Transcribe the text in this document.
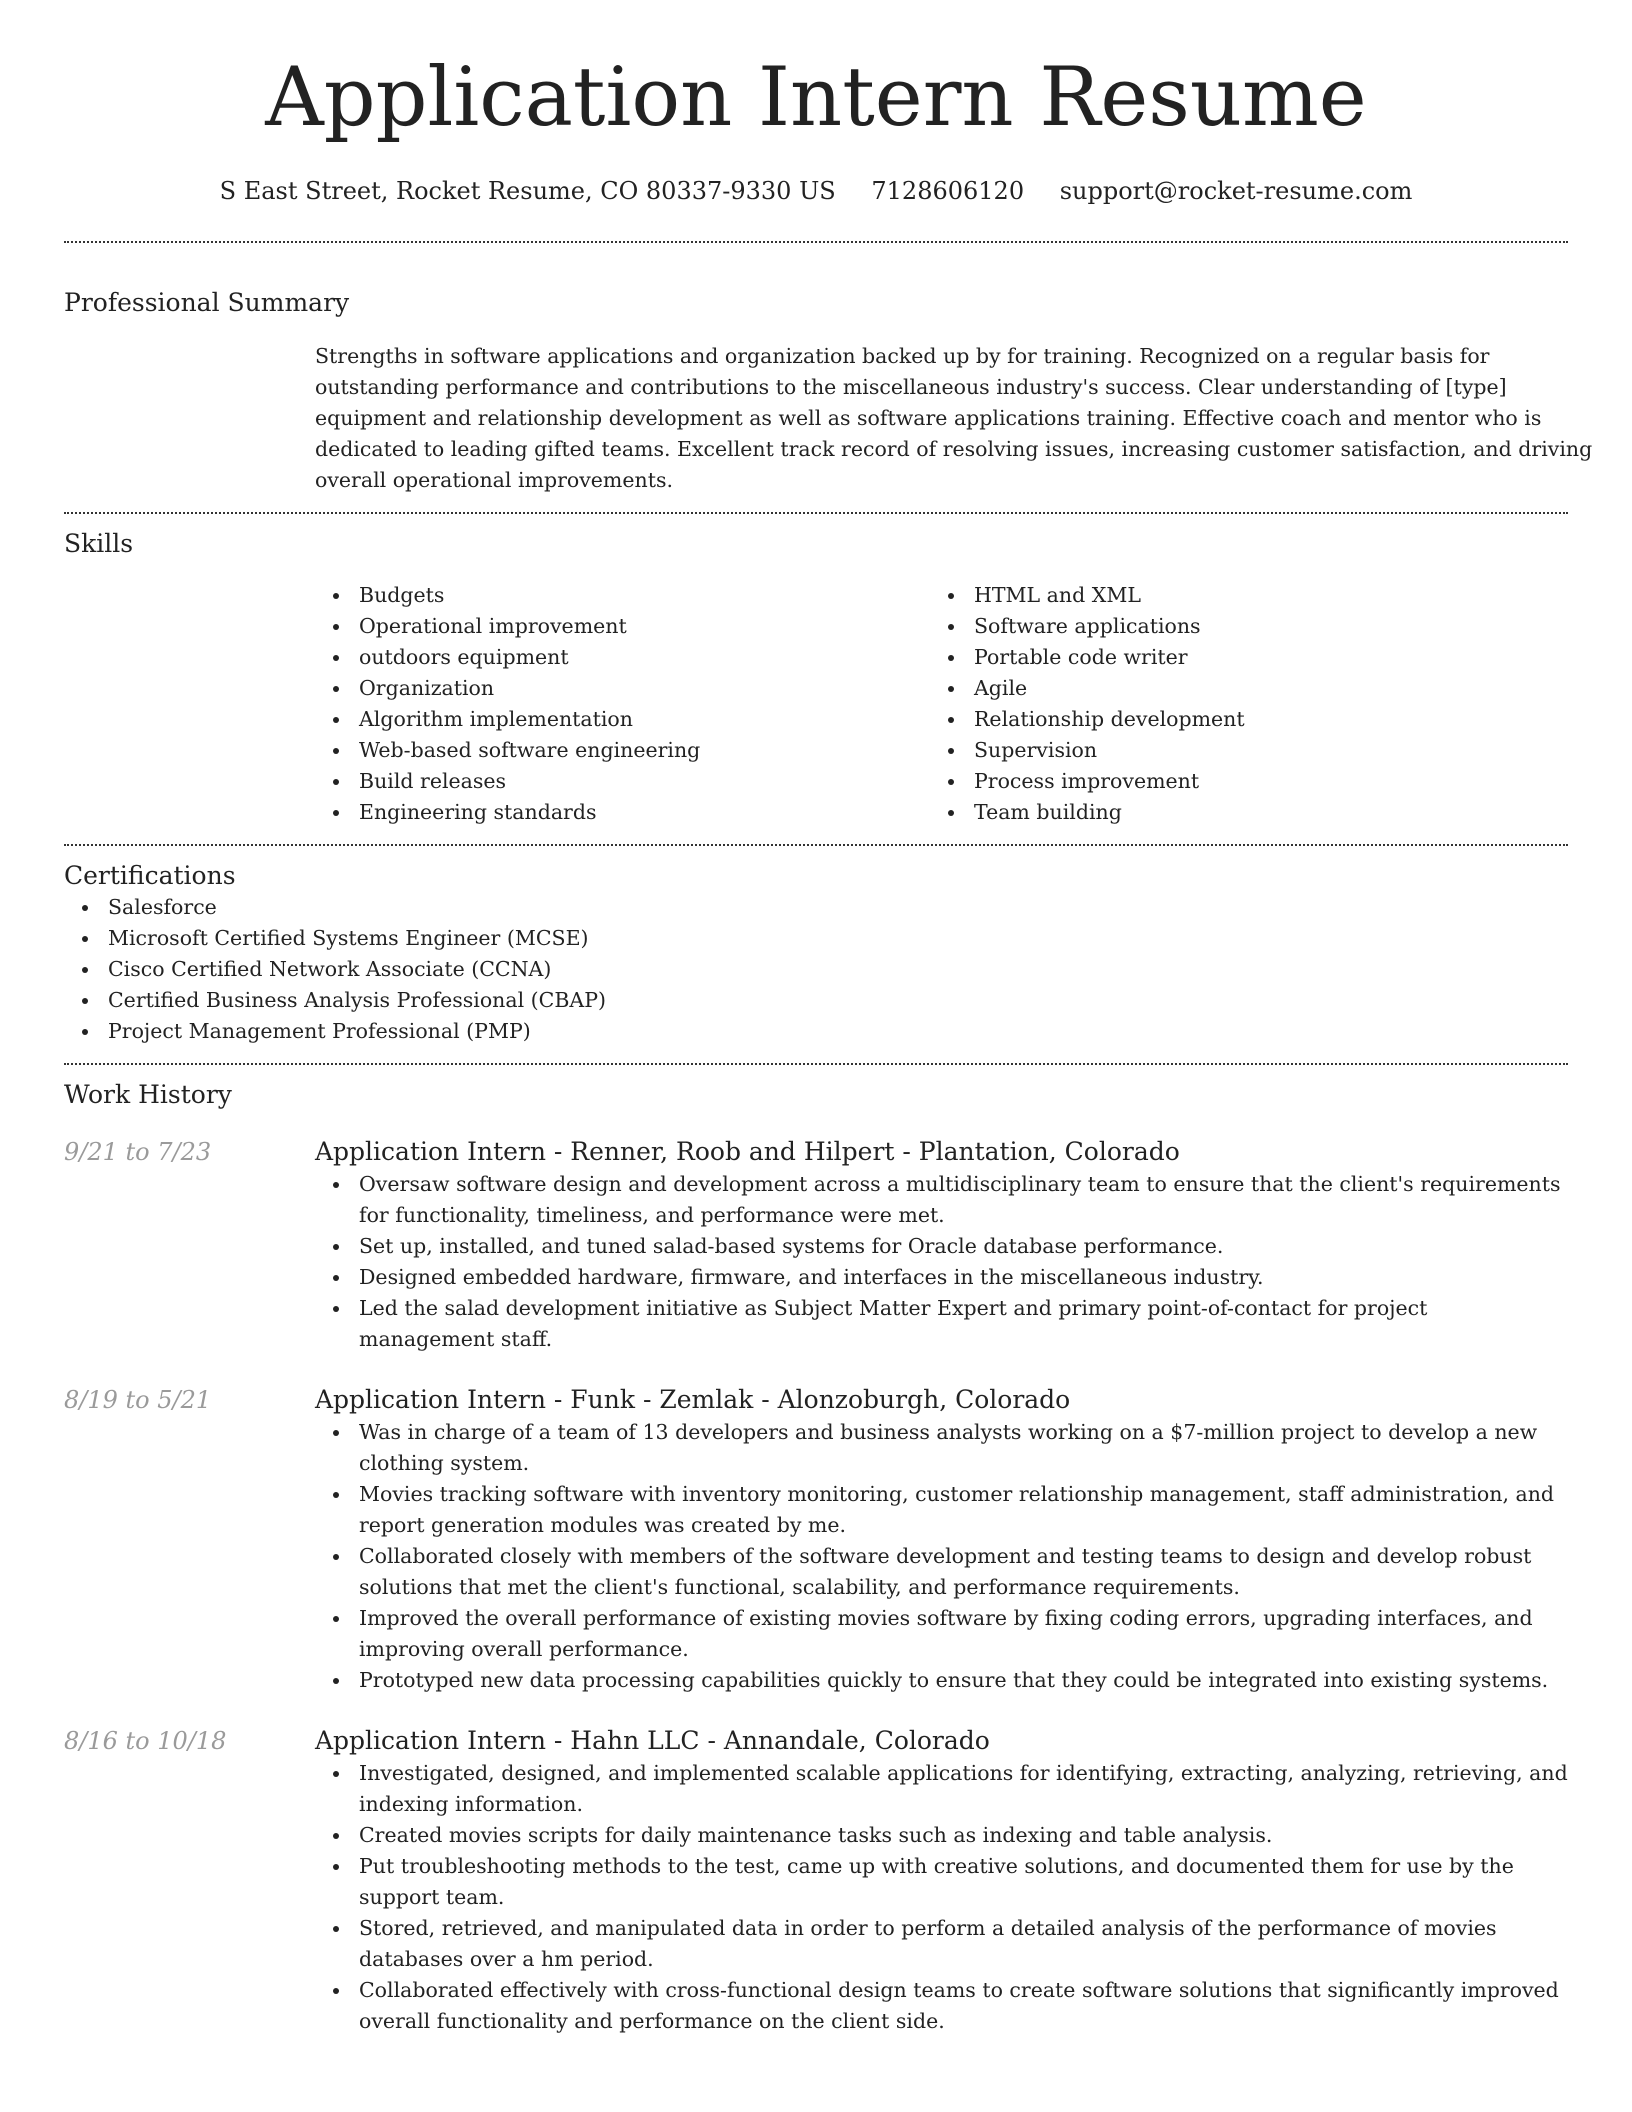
Application Intern Resume
S East Street, Rocket Resume, CO 80337-9330 US 7128606120 support@rocket-resume.com
Professional Summary
Strengths in software applications and organization backed up by for training. Recognized on a regular basis for outstanding performance and contributions to the miscellaneous industry's success. Clear understanding of [type] equipment and relationship development as well as software applications training. Effective coach and mentor who is dedicated to leading gifted teams. Excellent track record of resolving issues, increasing customer satisfaction, and driving overall operational improvements.
Skills
Budgets
Operational improvement
outdoors equipment
Organization
Algorithm implementation
Web-based software engineering
Build releases
Engineering standards
HTML and XML
Software applications
Portable code writer
Agile
Relationship development
Supervision
Process improvement
Team building
Certifications
Salesforce
Microsoft Certified Systems Engineer (MCSE)
Cisco Certified Network Associate (CCNA)
Certified Business Analysis Professional (CBAP)
Project Management Professional (PMP)
Work History
9/21 to 7/23	Application Intern - Renner, Roob and Hilpert - Plantation, Colorado
Oversaw software design and development across a multidisciplinary team to ensure that the client's requirements for functionality, timeliness, and performance were met.
Set up, installed, and tuned salad-based systems for Oracle database performance.
Designed embedded hardware, firmware, and interfaces in the miscellaneous industry.
Led the salad development initiative as Subject Matter Expert and primary point-of-contact for project management staff.
8/19 to 5/21	Application Intern - Funk - Zemlak - Alonzoburgh, Colorado
Was in charge of a team of 13 developers and business analysts working on a $7-million project to develop a new clothing system.
Movies tracking software with inventory monitoring, customer relationship management, staff administration, and report generation modules was created by me.
Collaborated closely with members of the software development and testing teams to design and develop robust solutions that met the client's functional, scalability, and performance requirements.
Improved the overall performance of existing movies software by fixing coding errors, upgrading interfaces, and improving overall performance.
Prototyped new data processing capabilities quickly to ensure that they could be integrated into existing systems.
8/16 to 10/18	Application Intern - Hahn LLC - Annandale, Colorado
Investigated, designed, and implemented scalable applications for identifying, extracting, analyzing, retrieving, and indexing information.
Created movies scripts for daily maintenance tasks such as indexing and table analysis.
Put troubleshooting methods to the test, came up with creative solutions, and documented them for use by the support team.
Stored, retrieved, and manipulated data in order to perform a detailed analysis of the performance of movies databases over a hm period.
Collaborated effectively with cross-functional design teams to create software solutions that significantly improved overall functionality and performance on the client side.
